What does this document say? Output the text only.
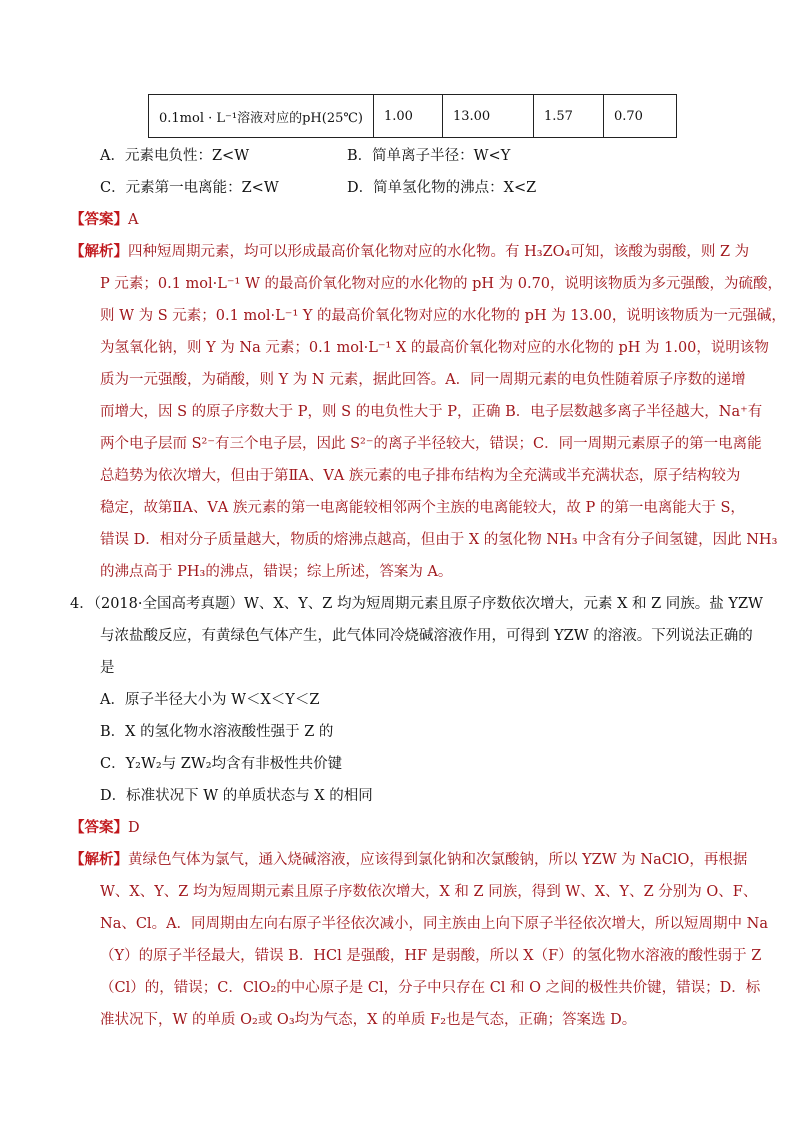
0.1mol · L⁻¹溶液对应的pH(25℃)	1.00	13.00	1.57	0.70
A．元素电负性：Z<W	B．简单离子半径：W<Y
C．元素第一电离能：Z<W	D．简单氢化物的沸点：X<Z
【答案】A
【解析】四种短周期元素，均可以形成最高价氧化物对应的水化物。有 H₃ZO₄可知，该酸为弱酸，则 Z 为
P 元素；0.1 mol·L⁻¹ W 的最高价氧化物对应的水化物的 pH 为 0.70，说明该物质为多元强酸，为硫酸，
则 W 为 S 元素；0.1 mol·L⁻¹ Y 的最高价氧化物对应的水化物的 pH 为 13.00，说明该物质为一元强碱，
为氢氧化钠，则 Y 为 Na 元素；0.1 mol·L⁻¹ X 的最高价氧化物对应的水化物的 pH 为 1.00，说明该物
质为一元强酸，为硝酸，则 Y 为 N 元素，据此回答。A．同一周期元素的电负性随着原子序数的递增
而增大，因 S 的原子序数大于 P，则 S 的电负性大于 P，正确 B．电子层数越多离子半径越大，Na⁺有
两个电子层而 S²⁻有三个电子层，因此 S²⁻的离子半径较大，错误；C．同一周期元素原子的第一电离能
总趋势为依次增大，但由于第ⅡA、ⅤA 族元素的电子排布结构为全充满或半充满状态，原子结构较为
稳定，故第ⅡA、ⅤA 族元素的第一电离能较相邻两个主族的电离能较大，故 P 的第一电离能大于 S，
错误 D．相对分子质量越大，物质的熔沸点越高，但由于 X 的氢化物 NH₃ 中含有分子间氢键，因此 NH₃
的沸点高于 PH₃的沸点，错误；综上所述，答案为 A。
4．（2018·全国高考真题）W、X、Y、Z 均为短周期元素且原子序数依次增大，元素 X 和 Z 同族。盐 YZW
与浓盐酸反应，有黄绿色气体产生，此气体同冷烧碱溶液作用，可得到 YZW 的溶液。下列说法正确的
是
A．原子半径大小为 W＜X＜Y＜Z
B．X 的氢化物水溶液酸性强于 Z 的
C．Y₂W₂与 ZW₂均含有非极性共价键
D．标准状况下 W 的单质状态与 X 的相同
【答案】D
【解析】黄绿色气体为氯气，通入烧碱溶液，应该得到氯化钠和次氯酸钠，所以 YZW 为 NaClO，再根据
W、X、Y、Z 均为短周期元素且原子序数依次增大，X 和 Z 同族，得到 W、X、Y、Z 分别为 O、F、
Na、Cl。A．同周期由左向右原子半径依次减小，同主族由上向下原子半径依次增大，所以短周期中 Na
（Y）的原子半径最大，错误 B．HCl 是强酸，HF 是弱酸，所以 X（F）的氢化物水溶液的酸性弱于 Z
（Cl）的，错误；C．ClO₂的中心原子是 Cl，分子中只存在 Cl 和 O 之间的极性共价键，错误；D．标
准状况下，W 的单质 O₂或 O₃均为气态，X 的单质 F₂也是气态，正确；答案选 D。
